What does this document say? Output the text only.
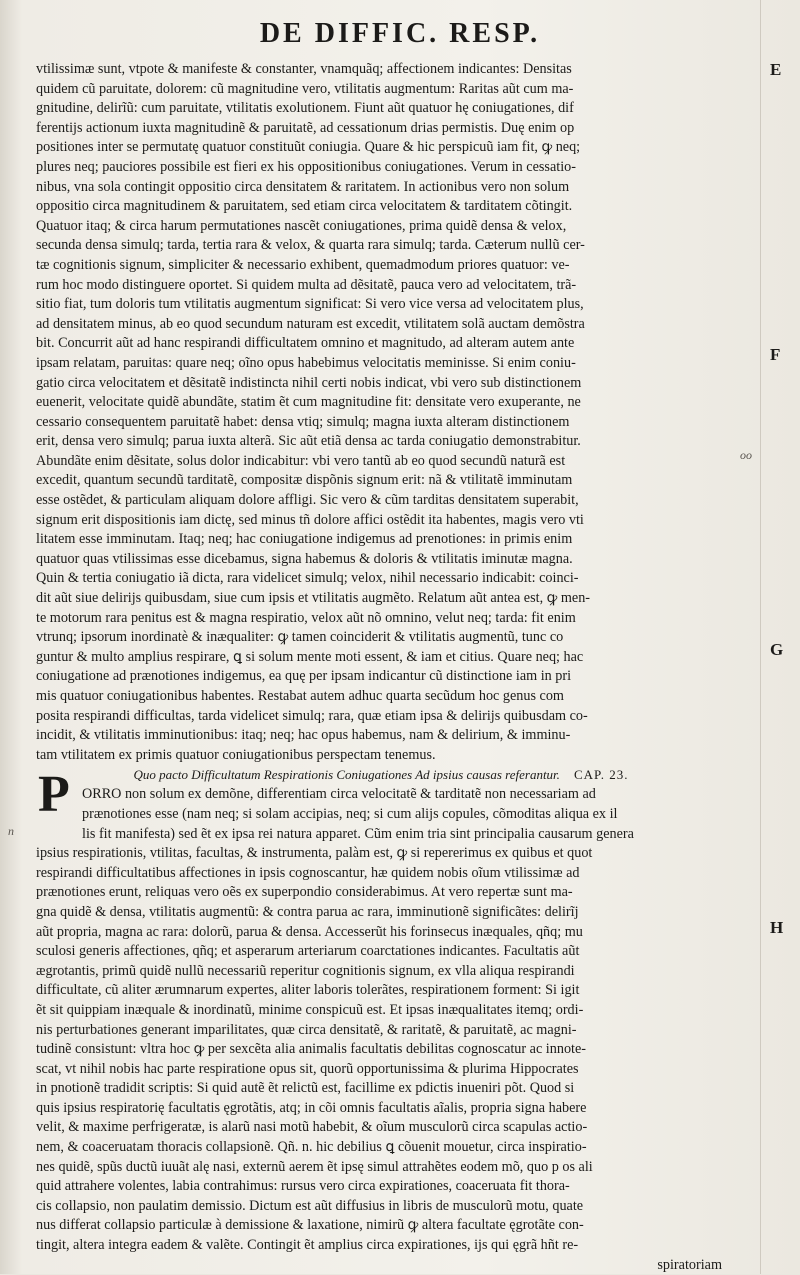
DE DIFFIC. RESP.
vtilissimæ sunt, vtpote & manifeste & constanter, vnamquãq; affectionem indicantes: Densitas
quidem cũ paruitate, dolorem: cũ magnitudine vero, vtilitatis augmentum: Raritas aũt cum ma-
gnitudine, delirĩũ: cum paruitate, vtilitatis exolutionem. Fiunt aũt quatuor hę coniugationes, dif
ferentijs actionum iuxta magnitudinẽ & paruitatẽ, ad cessationum drias permistis. Duę enim op
positiones inter se permutatę quatuor constituũt coniugia. Quare & hic perspicuũ iam fit, ꝙ neq;
plures neq; pauciores possibile est fieri ex his oppositionibus coniugationes. Verum in cessatio-
nibus, vna sola contingit oppositio circa densitatem & raritatem. In actionibus vero non solum
oppositio circa magnitudinem & paruitatem, sed etiam circa velocitatem & tarditatem cõtingit.
Quatuor itaq; & circa harum permutationes nascẽt coniugationes, prima quidẽ densa & velox,
secunda densa simulq; tarda, tertia rara & velox, & quarta rara simulq; tarda. Cæterum nullũ cer-
tæ cognitionis signum, simpliciter & necessario exhibent, quemadmodum priores quatuor: ve-
rum hoc modo distinguere oportet. Si quidem multa ad dẽsitatẽ, pauca vero ad velocitatem, trã-
sitio fiat, tum doloris tum vtilitatis augmentum significat: Si vero vice versa ad velocitatem plus,
ad densitatem minus, ab eo quod secundum naturam est excedit, vtilitatem solã auctam demõstra
bit. Concurrit aũt ad hanc respirandi difficultatem omnino et magnitudo, ad alteram autem ante
ipsam relatam, paruitas: quare neq; oĩno opus habebimus velocitatis meminisse. Si enim coniu-
gatio circa velocitatem et dẽsitatẽ indistincta nihil certi nobis indicat, vbi vero sub distinctionem
euenerit, velocitate quidẽ abundãte, statim ẽt cum magnitudine fit: densitate vero exuperante, ne
cessario consequentem paruitatẽ habet: densa vtiq; simulq; magna iuxta alteram distinctionem
erit, densa vero simulq; parua iuxta alterã. Sic aũt etiã densa ac tarda coniugatio demonstrabitur.
Abundãte enim dẽsitate, solus dolor indicabitur: vbi vero tantũ ab eo quod secundũ naturã est
excedit, quantum secundũ tarditatẽ, compositæ dispõnis signum erit: nã & vtilitatẽ imminutam
esse ostẽdet, & particulam aliquam dolore affligi. Sic vero & cũm tarditas densitatem superabit,
signum erit dispositionis iam dictę, sed minus tñ dolore affici ostẽdit ita habentes, magis vero vti
litatem esse imminutam. Itaq; neq; hac coniugatione indigemus ad prenotiones: in primis enim
quatuor quas vtilissimas esse dicebamus, signa habemus & doloris & vtilitatis iminutæ magna.
Quin & tertia coniugatio iã dicta, rara videlicet simulq; velox, nihil necessario indicabit: coinci-
dit aũt siue delirijs quibusdam, siue cum ipsis et vtilitatis augmẽto. Relatum aũt antea est, ꝙ men-
te motorum rara penitus est & magna respiratio, velox aũt nõ omnino, velut neq; tarda: fit enim
vtrunq; ipsorum inordinatè & inæqualiter: ꝙ tamen coinciderit & vtilitatis augmentũ, tunc co
guntur & multo amplius respirare, ꝗ si solum mente moti essent, & iam et citius. Quare neq; hac
coniugatione ad prænotiones indigemus, ea quę per ipsam indicantur cũ distinctione iam in pri
mis quatuor coniugationibus habentes. Restabat autem adhuc quarta secũdum hoc genus com
posita respirandi difficultas, tarda videlicet simulq; rara, quæ etiam ipsa & delirijs quibusdam co-
incidit, & vtilitatis imminutionibus: itaq; neq; hac opus habemus, nam & delirium, & imminu-
tam vtilitatem ex primis quatuor coniugationibus perspectam tenemus.
Quo pacto Difficultatum Respirationis Coniugationes Ad ipsius causas referantur. CAP. 23.
ORRO non solum ex demõne, differentiam circa velocitatẽ & tarditatẽ non necessariam ad
prænotiones esse (nam neq; si solam accipias, neq; si cum alijs copules, cõmoditas aliqua ex il
lis fit manifesta) sed ẽt ex ipsa rei natura apparet. Cũm enim tria sint principalia causarum genera
ipsius respirationis, vtilitas, facultas, & instrumenta, palàm est, ꝙ si repererimus ex quibus et quot
respirandi difficultatibus affectiones in ipsis cognoscantur, hæ quidem nobis oĩum vtilissimæ ad
prænotiones erunt, reliquas vero oẽs ex superpondio considerabimus. At vero repertæ sunt ma-
gna quidẽ & densa, vtilitatis augmentũ: & contra parua ac rara, imminutionẽ significãtes: delirĩj
aũt propria, magna ac rara: dolorũ, parua & densa. Accesserũt his forinsecus inæquales, qñq; mu
sculosi generis affectiones, qñq; et asperarum arteriarum coarctationes indicantes. Facultatis aũt
ægrotantis, primũ quidẽ nullũ necessariũ reperitur cognitionis signum, ex vlla aliqua respirandi
difficultate, cũ aliter ærumnarum expertes, aliter laboris tolerãtes, respirationem forment: Si igit
ẽt sit quippiam inæquale & inordinatũ, minime conspicuũ est. Et ipsas inæqualitates itemq; ordi-
nis perturbationes generant imparilitates, quæ circa densitatẽ, & raritatẽ, & paruitatẽ, ac magni-
tudinẽ consistunt: vltra hoc ꝙ per sexcẽta alia animalis facultatis debilitas cognoscatur ac innote-
scat, vt nihil nobis hac parte respiratione opus sit, quorũ opportunissima & plurima Hippocrates
in pnotionẽ tradidit scriptis: Si quid autẽ ẽt relictũ est, facillime ex pdictis inueniri põt. Quod si
quis ipsius respiratorię facultatis ęgrotãtis, atq; in cõi omnis facultatis aĩalis, propria signa habere
velit, & maxime perfrigeratæ, is alarũ nasi motũ habebit, & oĩum musculorũ circa scapulas actio-
nem, & coaceruatam thoracis collapsionẽ. Qñ. n. hic debilius ꝗ cõuenit mouetur, circa inspiratio-
nes quidẽ, spũs ductũ iuuãt alę nasi, externũ aerem ẽt ipsę simul attrahẽtes eodem mõ, quo p os ali
quid attrahere volentes, labia contrahimus: rursus vero circa expirationes, coaceruata fit thora-
cis collapsio, non paulatim demissio. Dictum est aũt diffusius in libris de musculorũ motu, quate
nus differat collapsio particulæ à demissione & laxatione, nimirũ ꝙ altera facultate ęgrotãte con-
tingit, altera integra eadem & valẽte. Contingit ẽt amplius circa expirationes, ijs qui ęgrã hñt re-
spiratoriam
P
E
F
G
H
oo
n
